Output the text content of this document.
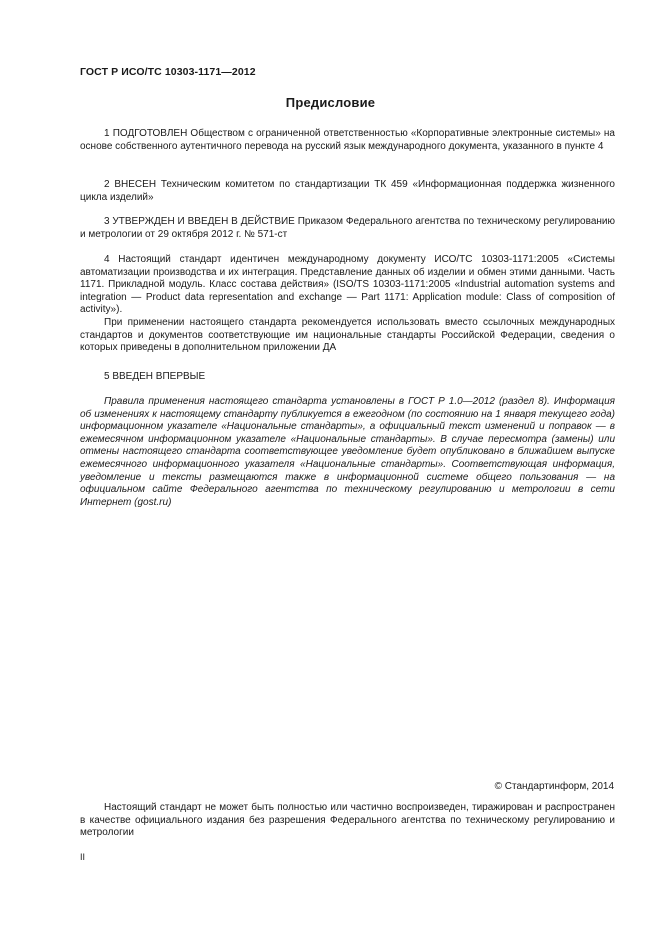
ГОСТ Р ИСО/ТС 10303-1171—2012
Предисловие

1 ПОДГОТОВЛЕН Обществом с ограниченной ответственностью «Корпоративные электронные системы» на основе собственного аутентичного перевода на русский язык международного документа, указанного в пункте 4

2 ВНЕСЕН Техническим комитетом по стандартизации ТК 459 «Информационная поддержка жизненного цикла изделий»

3 УТВЕРЖДЕН И ВВЕДЕН В ДЕЙСТВИЕ Приказом Федерального агентства по техническому регулированию и метрологии от 29 октября 2012 г. № 571-ст

4 Настоящий стандарт идентичен международному документу ИСО/ТС 10303-1171:2005 «Системы автоматизации производства и их интеграция. Представление данных об изделии и обмен этими данными. Часть 1171. Прикладной модуль. Класс состава действия» (ISO/TS 10303-1171:2005 «Industrial automation systems and integration — Product data representation and exchange — Part 1171: Application module: Class of composition of activity»).

При применении настоящего стандарта рекомендуется использовать вместо ссылочных международных стандартов и документов соответствующие им национальные стандарты Российской Федерации, сведения о которых приведены в дополнительном приложении ДА

5 ВВЕДЕН ВПЕРВЫЕ

Правила применения настоящего стандарта установлены в ГОСТ Р 1.0—2012 (раздел 8). Информация об изменениях к настоящему стандарту публикуется в ежегодном (по состоянию на 1 января текущего года) информационном указателе «Национальные стандарты», а официальный текст изменений и поправок — в ежемесячном информационном указателе «Национальные стандарты». В случае пересмотра (замены) или отмены настоящего стандарта соответствующее уведомление будет опубликовано в ближайшем выпуске ежемесячного информационного указателя «Национальные стандарты». Соответствующая информация, уведомление и тексты размещаются также в информационной системе общего пользования — на официальном сайте Федерального агентства по техническому регулированию и метрологии в сети Интернет (gost.ru)
© Стандартинформ, 2014
Настоящий стандарт не может быть полностью или частично воспроизведен, тиражирован и распространен в качестве официального издания без разрешения Федерального агентства по техническому регулированию и метрологии
II
